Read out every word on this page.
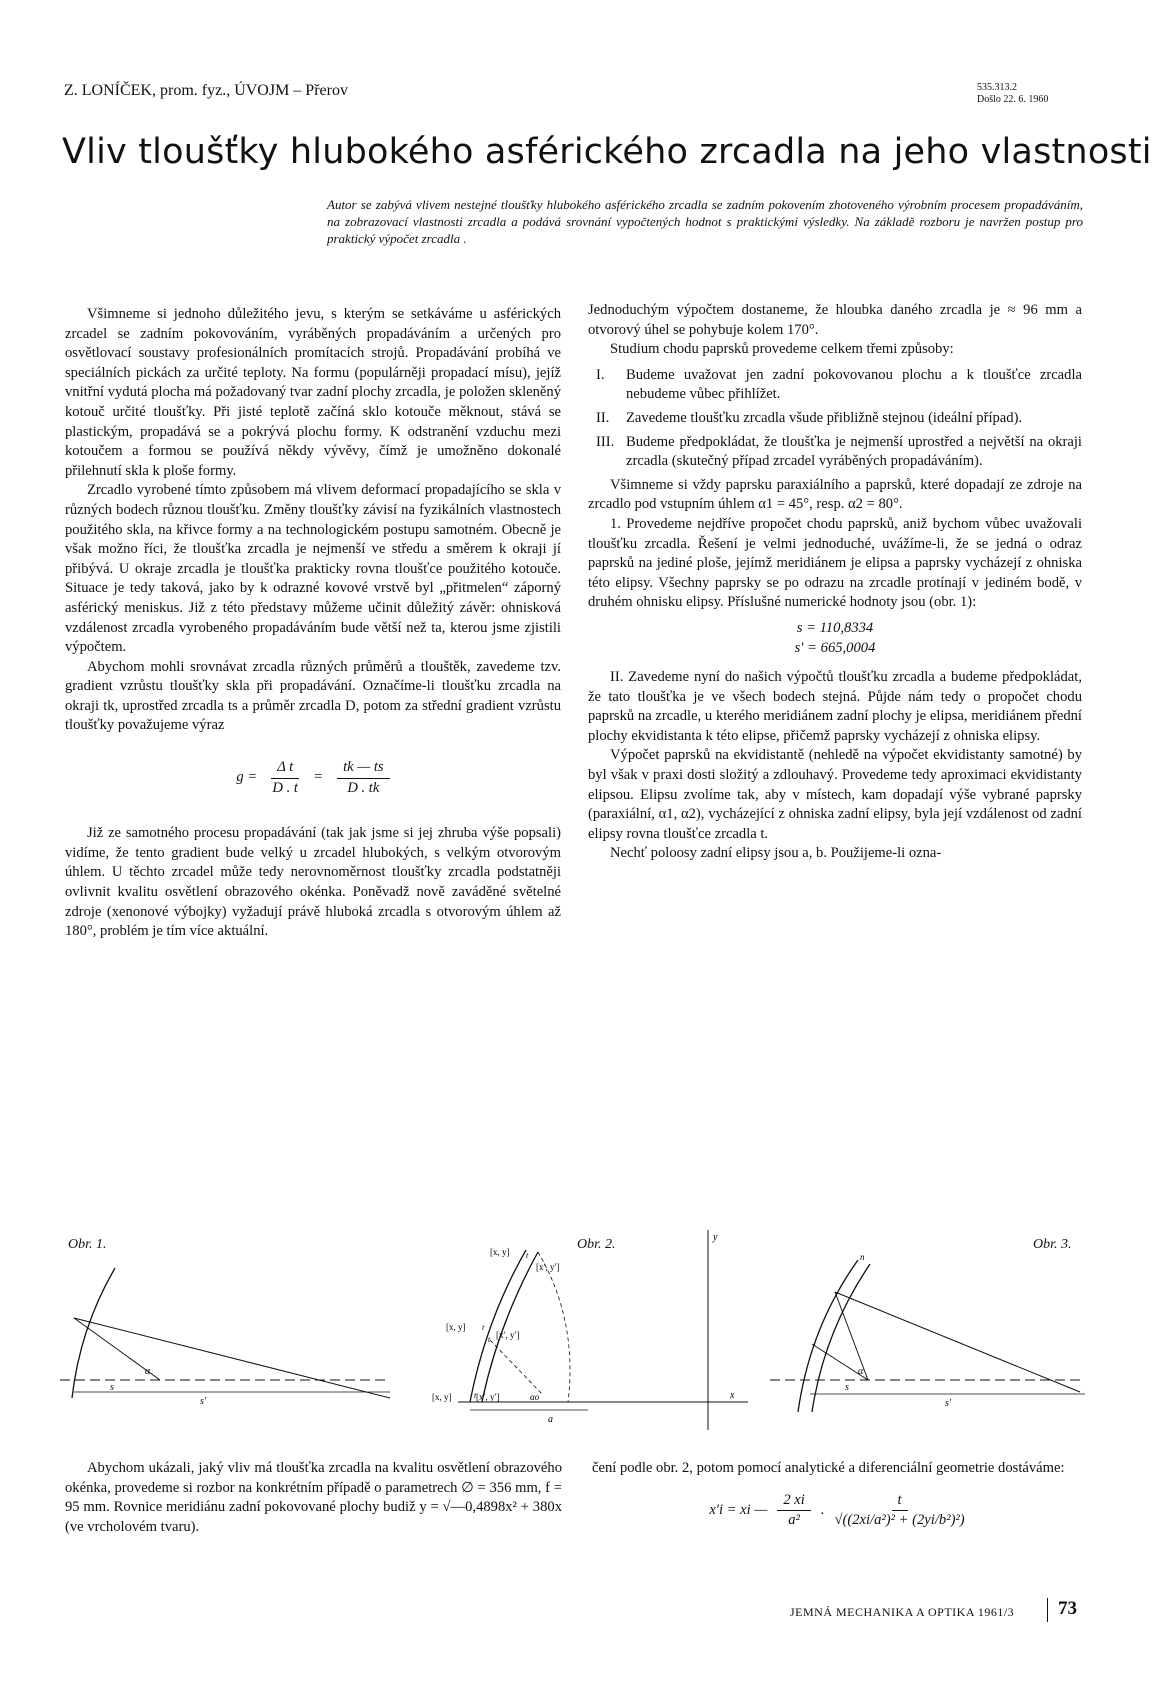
Z. LONÍČEK, prom. fyz., ÚVOJM – Přerov	535.313.2
Došlo 22. 6. 1960
Vliv tloušťky hlubokého asférického zrcadla na jeho vlastnosti
Autor se zabývá vlivem nestejné tloušťky hlubokého asférického zrcadla se zadním pokovením zhotoveného výrobním procesem propadáváním, na zobrazovací vlastnosti zrcadla a podává srovnání vypočtených hodnot s praktickými výsledky. Na základě rozboru je navržen postup pro praktický výpočet zrcadla .

Všimneme si jednoho důležitého jevu, s kterým se setkáváme u asférických zrcadel se zadním pokovováním, vyráběných propadáváním a určených pro osvětlovací soustavy profesionálních promítacích strojů. Propadávání probíhá ve speciálních pickách za určité teploty. Na formu (populárněji propadací mísu), jejíž vnitřní vydutá plocha má požadovaný tvar zadní plochy zrcadla, je položen skleněný kotouč určité tloušťky. Při jisté teplotě začíná sklo kotouče měknout, stává se plastickým, propadává se a pokrývá plochu formy. K odstranění vzduchu mezi kotoučem a formou se používá někdy vývěvy, čímž je umožněno dokonalé přilehnutí skla k ploše formy.

Zrcadlo vyrobené tímto způsobem má vlivem deformací propadajícího se skla v různých bodech různou tloušťku. Změny tloušťky závisí na fyzikálních vlastnostech použitého skla, na křivce formy a na technologickém postupu samotném. Obecně je však možno říci, že tloušťka zrcadla je nejmenší ve středu a směrem k okraji jí přibývá. U okraje zrcadla je tloušťka prakticky rovna tloušťce použitého kotouče. Situace je tedy taková, jako by k odrazné kovové vrstvě byl „přitmelen“ záporný asférický meniskus. Již z této představy můžeme učinit důležitý závěr: ohnisková vzdálenost zrcadla vyrobeného propadáváním bude větší než ta, kterou jsme zjistili výpočtem.

Abychom mohli srovnávat zrcadla různých průměrů a tlouštěk, zavedeme tzv. gradient vzrůstu tloušťky skla při propadávání. Označíme-li tloušťku zrcadla na okraji tk, uprostřed zrcadla ts a průměr zrcadla D, potom za střední gradient vzrůstu tloušťky považujeme výraz

$g = \frac{\text{Δ t}}{D . t} = \frac{tk — ts}{D . tk}$

Již ze samotného procesu propadávání (tak jak jsme si jej zhruba výše popsali) vidíme, že tento gradient bude velký u zrcadel hlubokých, s velkým otvorovým úhlem. U těchto zrcadel může tedy nerovnoměrnost tloušťky zrcadla podstatněji ovlivnit kvalitu osvětlení obrazového okénka. Poněvadž nově zaváděné světelné zdroje (xenonové výbojky) vyžadují právě hluboká zrcadla s otvorovým úhlem až 180°, problém je tím více aktuální.

Jednoduchým výpočtem dostaneme, že hloubka daného zrcadla je ≈ 96 mm a otvorový úhel se pohybuje kolem 170°.

Studium chodu paprsků provedeme celkem třemi způsoby:

I. Budeme uvažovat jen zadní pokovovanou plochu a k tloušťce zrcadla nebudeme vůbec přihlížet.
II. Zavedeme tloušťku zrcadla všude přibližně stejnou (ideální případ).
III. Budeme předpokládat, že tloušťka je nejmenší uprostřed a největší na okraji zrcadla (skutečný případ zrcadel vyráběných propadáváním).

Všimneme si vždy paprsku paraxiálního a paprsků, které dopadají ze zdroje na zrcadlo pod vstupním úhlem α1 = 45°, resp. α2 = 80°.

1. Provedeme nejdříve propočet chodu paprsků, aniž bychom vůbec uvažovali tloušťku zrcadla. Řešení je velmi jednoduché, uvážíme-li, že se jedná o odraz paprsků na jediné ploše, jejímž meridiánem je elipsa a paprsky vycházejí z ohniska této elipsy. Všechny paprsky se po odrazu na zrcadle protínají v jediném bodě, v druhém ohnisku elipsy. Příslušné numerické hodnoty jsou (obr. 1):

s = 110,8334
s′ = 665,0004

II. Zavedeme nyní do našich výpočtů tloušťku zrcadla a budeme předpokládat, že tato tloušťka je ve všech bodech stejná. Půjde nám tedy o propočet chodu paprsků na zrcadle, u kterého meridiánem zadní plochy je elipsa, meridiánem přední plochy ekvidistanta k této elipse, přičemž paprsky vycházejí z ohniska elipsy.

Výpočet paprsků na ekvidistantě (nehledě na výpočet ekvidistanty samotné) by byl však v praxi dosti složitý a zdlouhavý. Provedeme tedy aproximaci ekvidistanty elipsou. Elipsu zvolíme tak, aby v místech, kam dopadají výše vybrané paprsky (paraxiální, α1, α2), vycházející z ohniska zadní elipsy, byla její vzdálenost od zadní elipsy rovna tloušťce zrcadla t.

Nechť poloosy zadní elipsy jsou a, b. Použijeme-li ozna-

Obr. 1.	Obr. 2.	Obr. 3.
s
s′
α
y
x
a
αo
[x, y]
[x′, y′]
[x, y]
[x′, y′]
[x, y]	[x′, y′]
t
t
t
t
n
s
s′
α

Abychom ukázali, jaký vliv má tloušťka zrcadla na kvalitu osvětlení obrazového okénka, provedeme si rozbor na konkrétním případě o parametrech ∅ = 356 mm, f = 95 mm. Rovnice meridiánu zadní pokovované plochy budiž y = √—0,4898x² + 380x (ve vrcholovém tvaru).

čení podle obr. 2, potom pomocí analytické a diferenciální geometrie dostáváme:

x′i = xi — $\frac{2 xi}{\text{a²}}$ . $\frac{t}{\text{√((2xi/a²)² + (2yi/b²)²)}}$
JEMNÁ MECHANIKA A OPTIKA 1961/3 73
